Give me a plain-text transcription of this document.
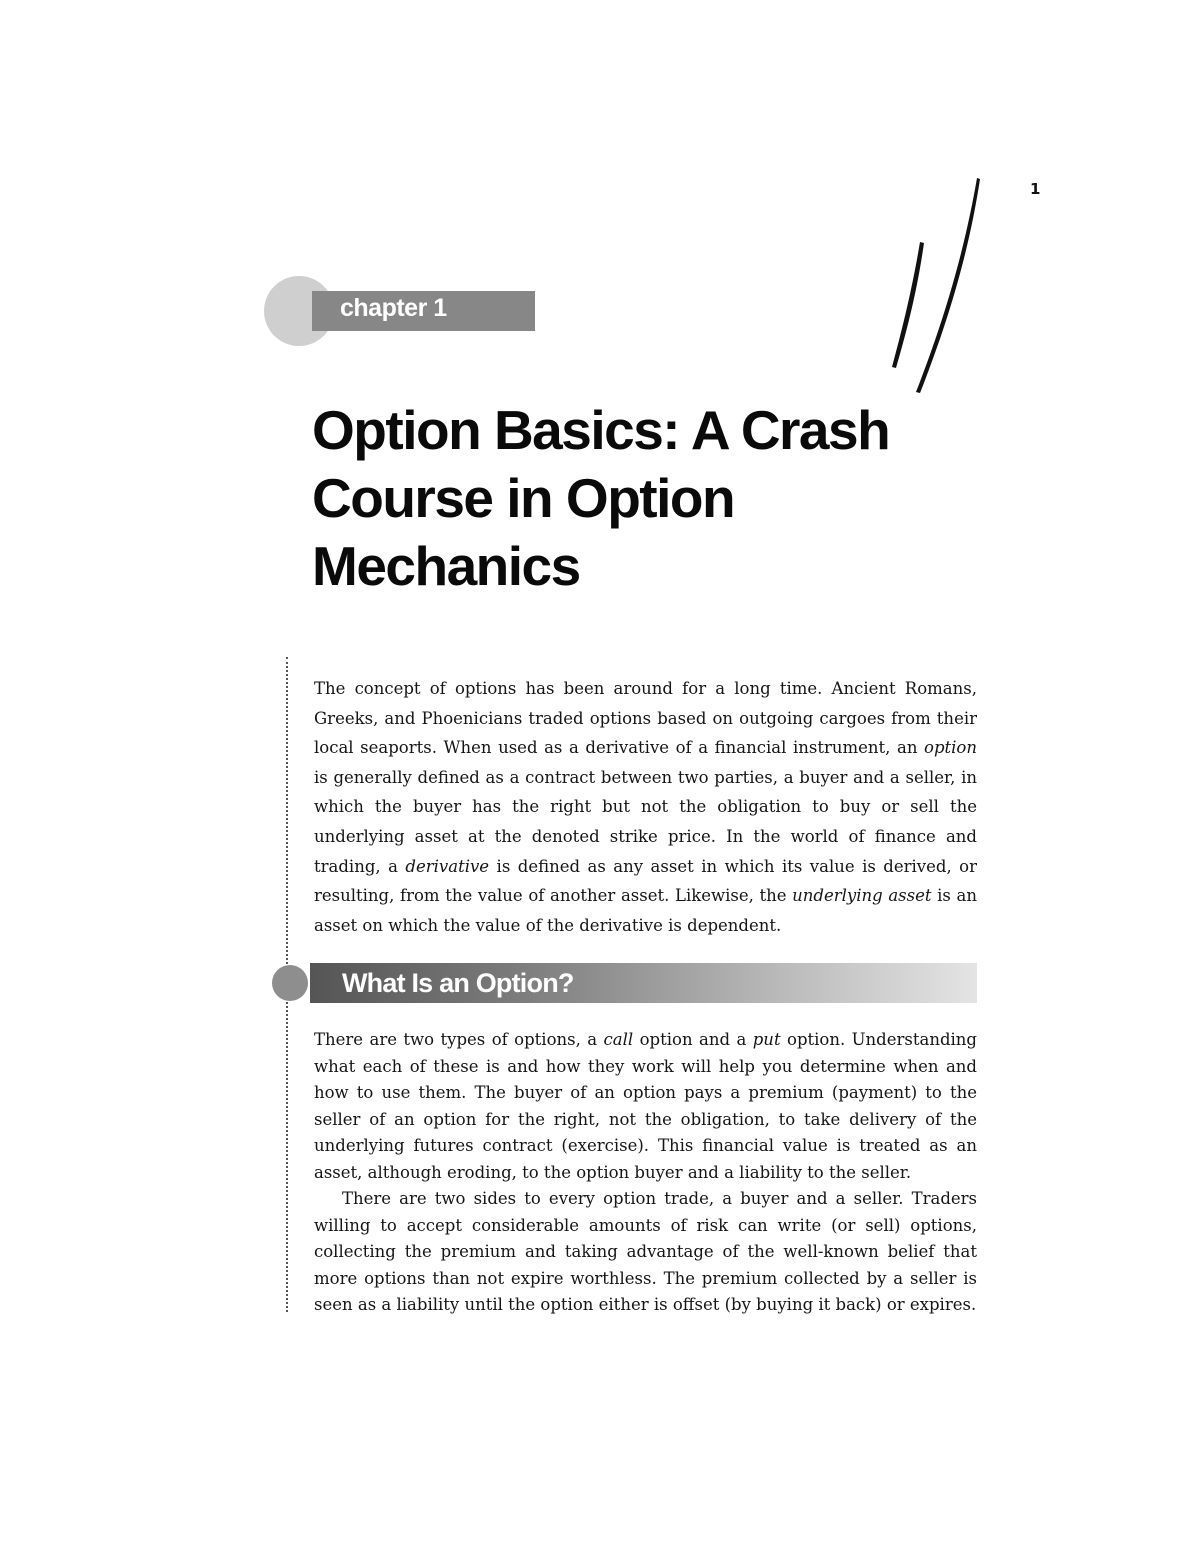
1
chapter 1
Option Basics: A Crash
Course in Option Mechanics

The concept of options has been around for a long time. Ancient Romans, Greeks, and Phoenicians traded options based on outgoing cargoes from their local seaports. When used as a derivative of a financial instrument, an option is generally defined as a contract between two parties, a buyer and a seller, in which the buyer has the right but not the obligation to buy or sell the underlying asset at the denoted strike price. In the world of finance and trading, a derivative is defined as any asset in which its value is derived, or resulting, from the value of another asset. Likewise, the underlying asset is an asset on which the value of the derivative is dependent.

What Is an Option?

There are two types of options, a call option and a put option. Understanding what each of these is and how they work will help you determine when and how to use them. The buyer of an option pays a premium (payment) to the seller of an option for the right, not the obligation, to take delivery of the underlying futures contract (exercise). This financial value is treated as an asset, although eroding, to the option buyer and a liability to the seller.

There are two sides to every option trade, a buyer and a seller. Traders willing to accept considerable amounts of risk can write (or sell) options, collecting the premium and taking advantage of the well-known belief that more options than not expire worthless. The premium collected by a seller is seen as a liability until the option either is offset (by buying it back) or expires.
